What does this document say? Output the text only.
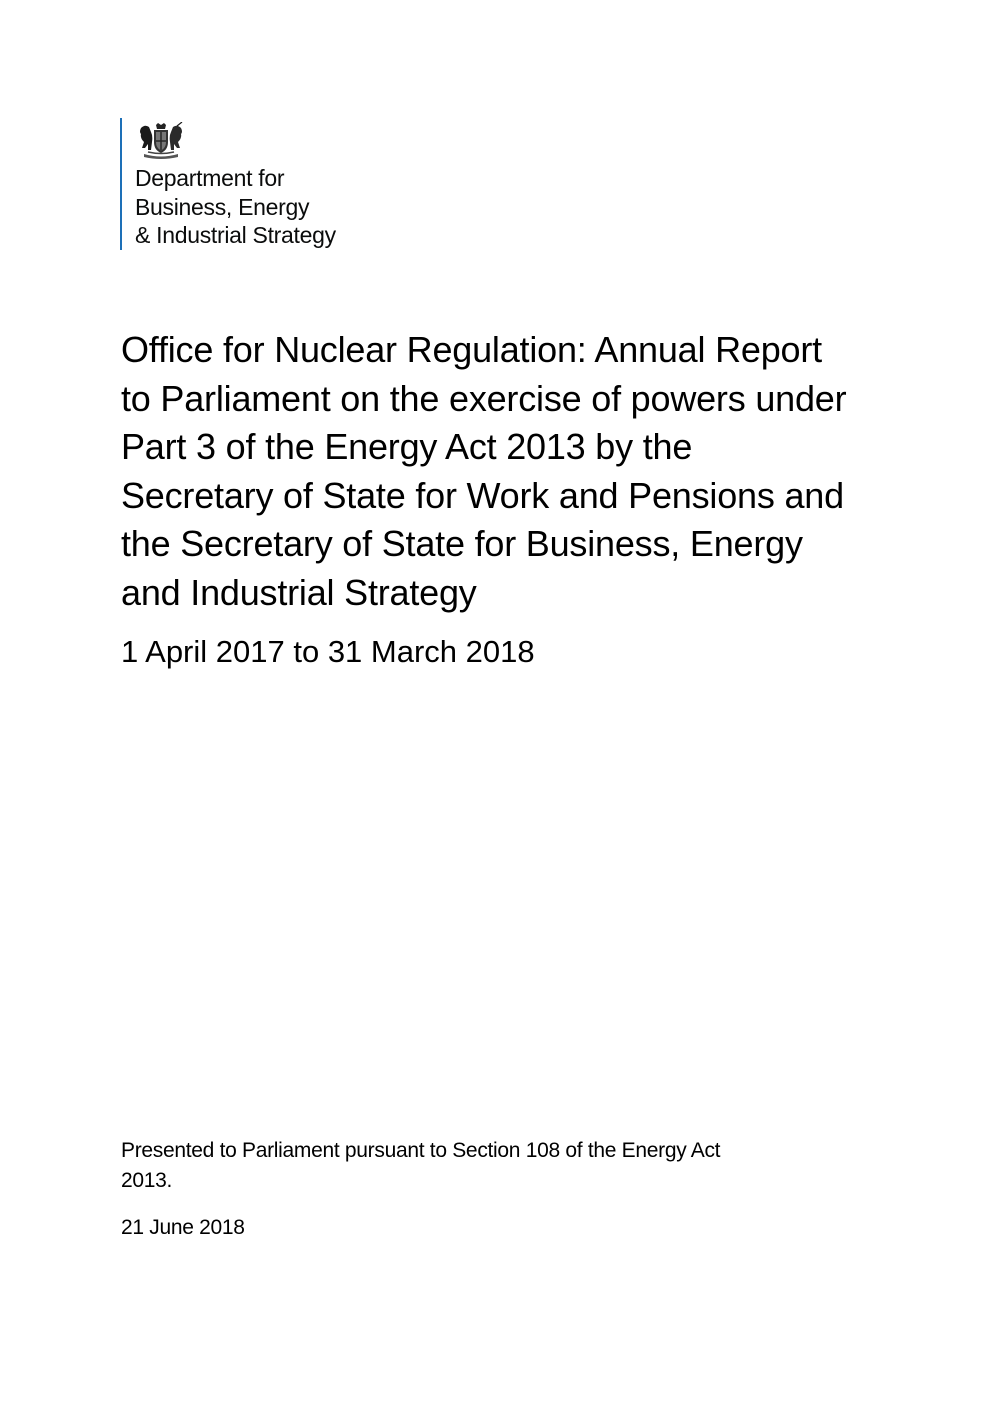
Department for
Business, Energy
& Industrial Strategy
Office for Nuclear Regulation: Annual Report
to Parliament on the exercise of powers under
Part 3 of the Energy Act 2013 by the
Secretary of State for Work and Pensions and
the Secretary of State for Business, Energy
and Industrial Strategy
1 April 2017 to 31 March 2018
Presented to Parliament pursuant to Section 108 of the Energy Act
2013.
21 June 2018
